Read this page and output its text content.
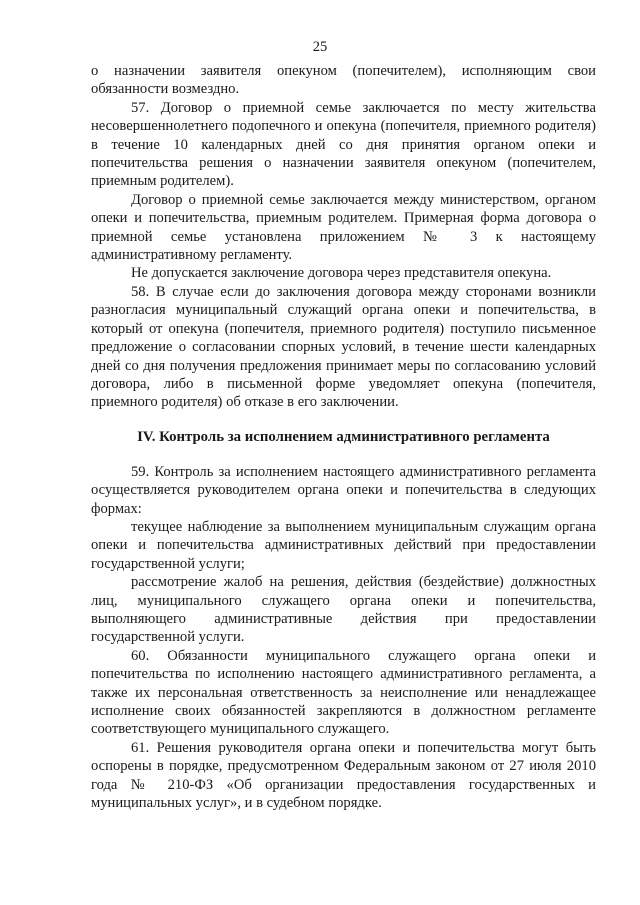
25

о назначении заявителя опекуном (попечителем), исполняющим свои обязанности возмездно.

57. Договор о приемной семье заключается по месту жительства несовершеннолетнего подопечного и опекуна (попечителя, приемного родителя) в течение 10 календарных дней со дня принятия органом опеки и попечительства решения о назначении заявителя опекуном (попечителем, приемным родителем).

Договор о приемной семье заключается между министерством, органом опеки и попечительства, приемным родителем. Примерная форма договора о приемной семье установлена приложением № 3 к настоящему административному регламенту.

Не допускается заключение договора через представителя опекуна.

58. В случае если до заключения договора между сторонами возникли разногласия муниципальный служащий органа опеки и попечительства, в который от опекуна (попечителя, приемного родителя) поступило письменное предложение о согласовании спорных условий, в течение шести календарных дней со дня получения предложения принимает меры по согласованию условий договора, либо в письменной форме уведомляет опекуна (попечителя, приемного родителя) об отказе в его заключении.

IV. Контроль за исполнением административного регламента

59. Контроль за исполнением настоящего административного регламента осуществляется руководителем органа опеки и попечительства в следующих формах:

текущее наблюдение за выполнением муниципальным служащим органа опеки и попечительства административных действий при предоставлении государственной услуги;

рассмотрение жалоб на решения, действия (бездействие) должностных лиц, муниципального служащего органа опеки и попечительства, выполняющего административные действия при предоставлении государственной услуги.

60. Обязанности муниципального служащего органа опеки и попечительства по исполнению настоящего административного регламента, а также их персональная ответственность за неисполнение или ненадлежащее исполнение своих обязанностей закрепляются в должностном регламенте соответствующего муниципального служащего.

61. Решения руководителя органа опеки и попечительства могут быть оспорены в порядке, предусмотренном Федеральным законом от 27 июля 2010 года № 210-ФЗ «Об организации предоставления государственных и муниципальных услуг», и в судебном порядке.
